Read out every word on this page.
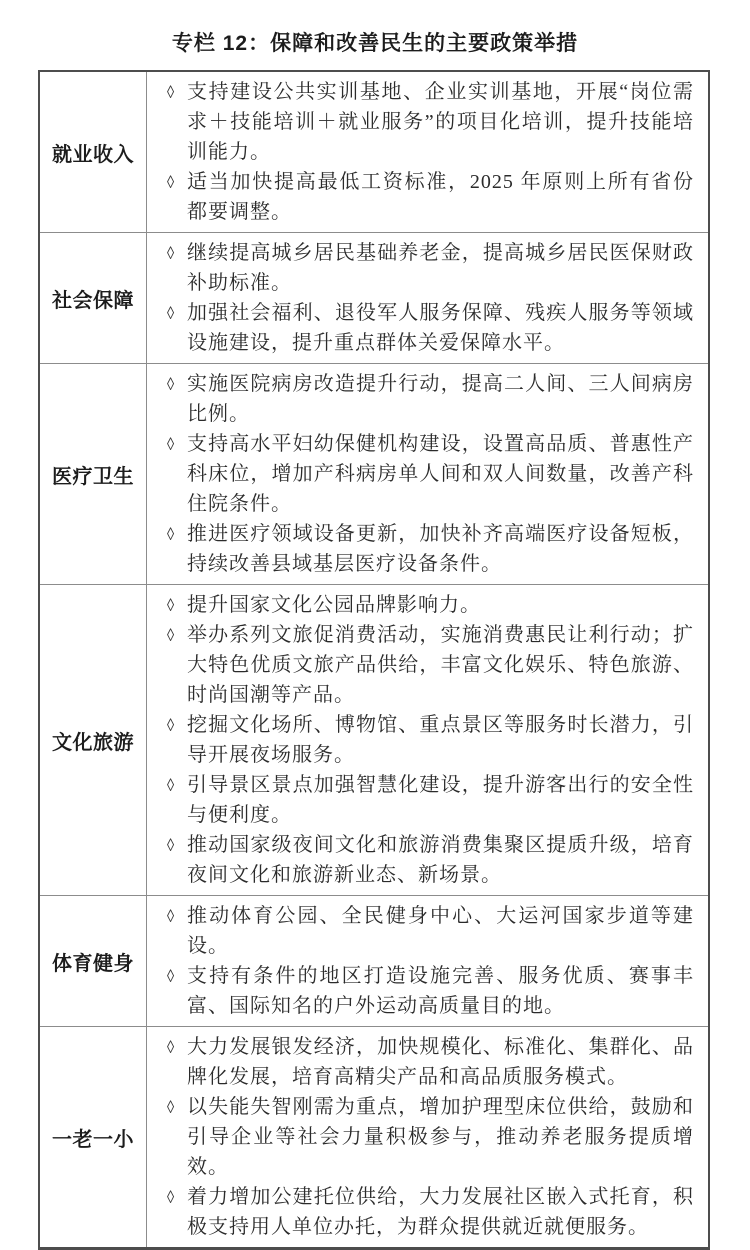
专栏 12：保障和改善民生的主要政策举措
就业收入
◊ 支持建设公共实训基地、企业实训基地，开展“岗位需求＋技能培训＋就业服务”的项目化培训，提升技能培训能力。
◊ 适当加快提高最低工资标准，2025 年原则上所有省份都要调整。
社会保障
◊ 继续提高城乡居民基础养老金，提高城乡居民医保财政补助标准。
◊ 加强社会福利、退役军人服务保障、残疾人服务等领域设施建设，提升重点群体关爱保障水平。
医疗卫生
◊ 实施医院病房改造提升行动，提高二人间、三人间病房比例。
◊ 支持高水平妇幼保健机构建设，设置高品质、普惠性产科床位，增加产科病房单人间和双人间数量，改善产科住院条件。
◊ 推进医疗领域设备更新，加快补齐高端医疗设备短板，持续改善县域基层医疗设备条件。
文化旅游
◊ 提升国家文化公园品牌影响力。
◊ 举办系列文旅促消费活动，实施消费惠民让利行动；扩大特色优质文旅产品供给，丰富文化娱乐、特色旅游、时尚国潮等产品。
◊ 挖掘文化场所、博物馆、重点景区等服务时长潜力，引导开展夜场服务。
◊ 引导景区景点加强智慧化建设，提升游客出行的安全性与便利度。
◊ 推动国家级夜间文化和旅游消费集聚区提质升级，培育夜间文化和旅游新业态、新场景。
体育健身
◊ 推动体育公园、全民健身中心、大运河国家步道等建设。
◊ 支持有条件的地区打造设施完善、服务优质、赛事丰富、国际知名的户外运动高质量目的地。
一老一小
◊ 大力发展银发经济，加快规模化、标准化、集群化、品牌化发展，培育高精尖产品和高品质服务模式。
◊ 以失能失智刚需为重点，增加护理型床位供给，鼓励和引导企业等社会力量积极参与，推动养老服务提质增效。
◊ 着力增加公建托位供给，大力发展社区嵌入式托育，积极支持用人单位办托，为群众提供就近就便服务。
